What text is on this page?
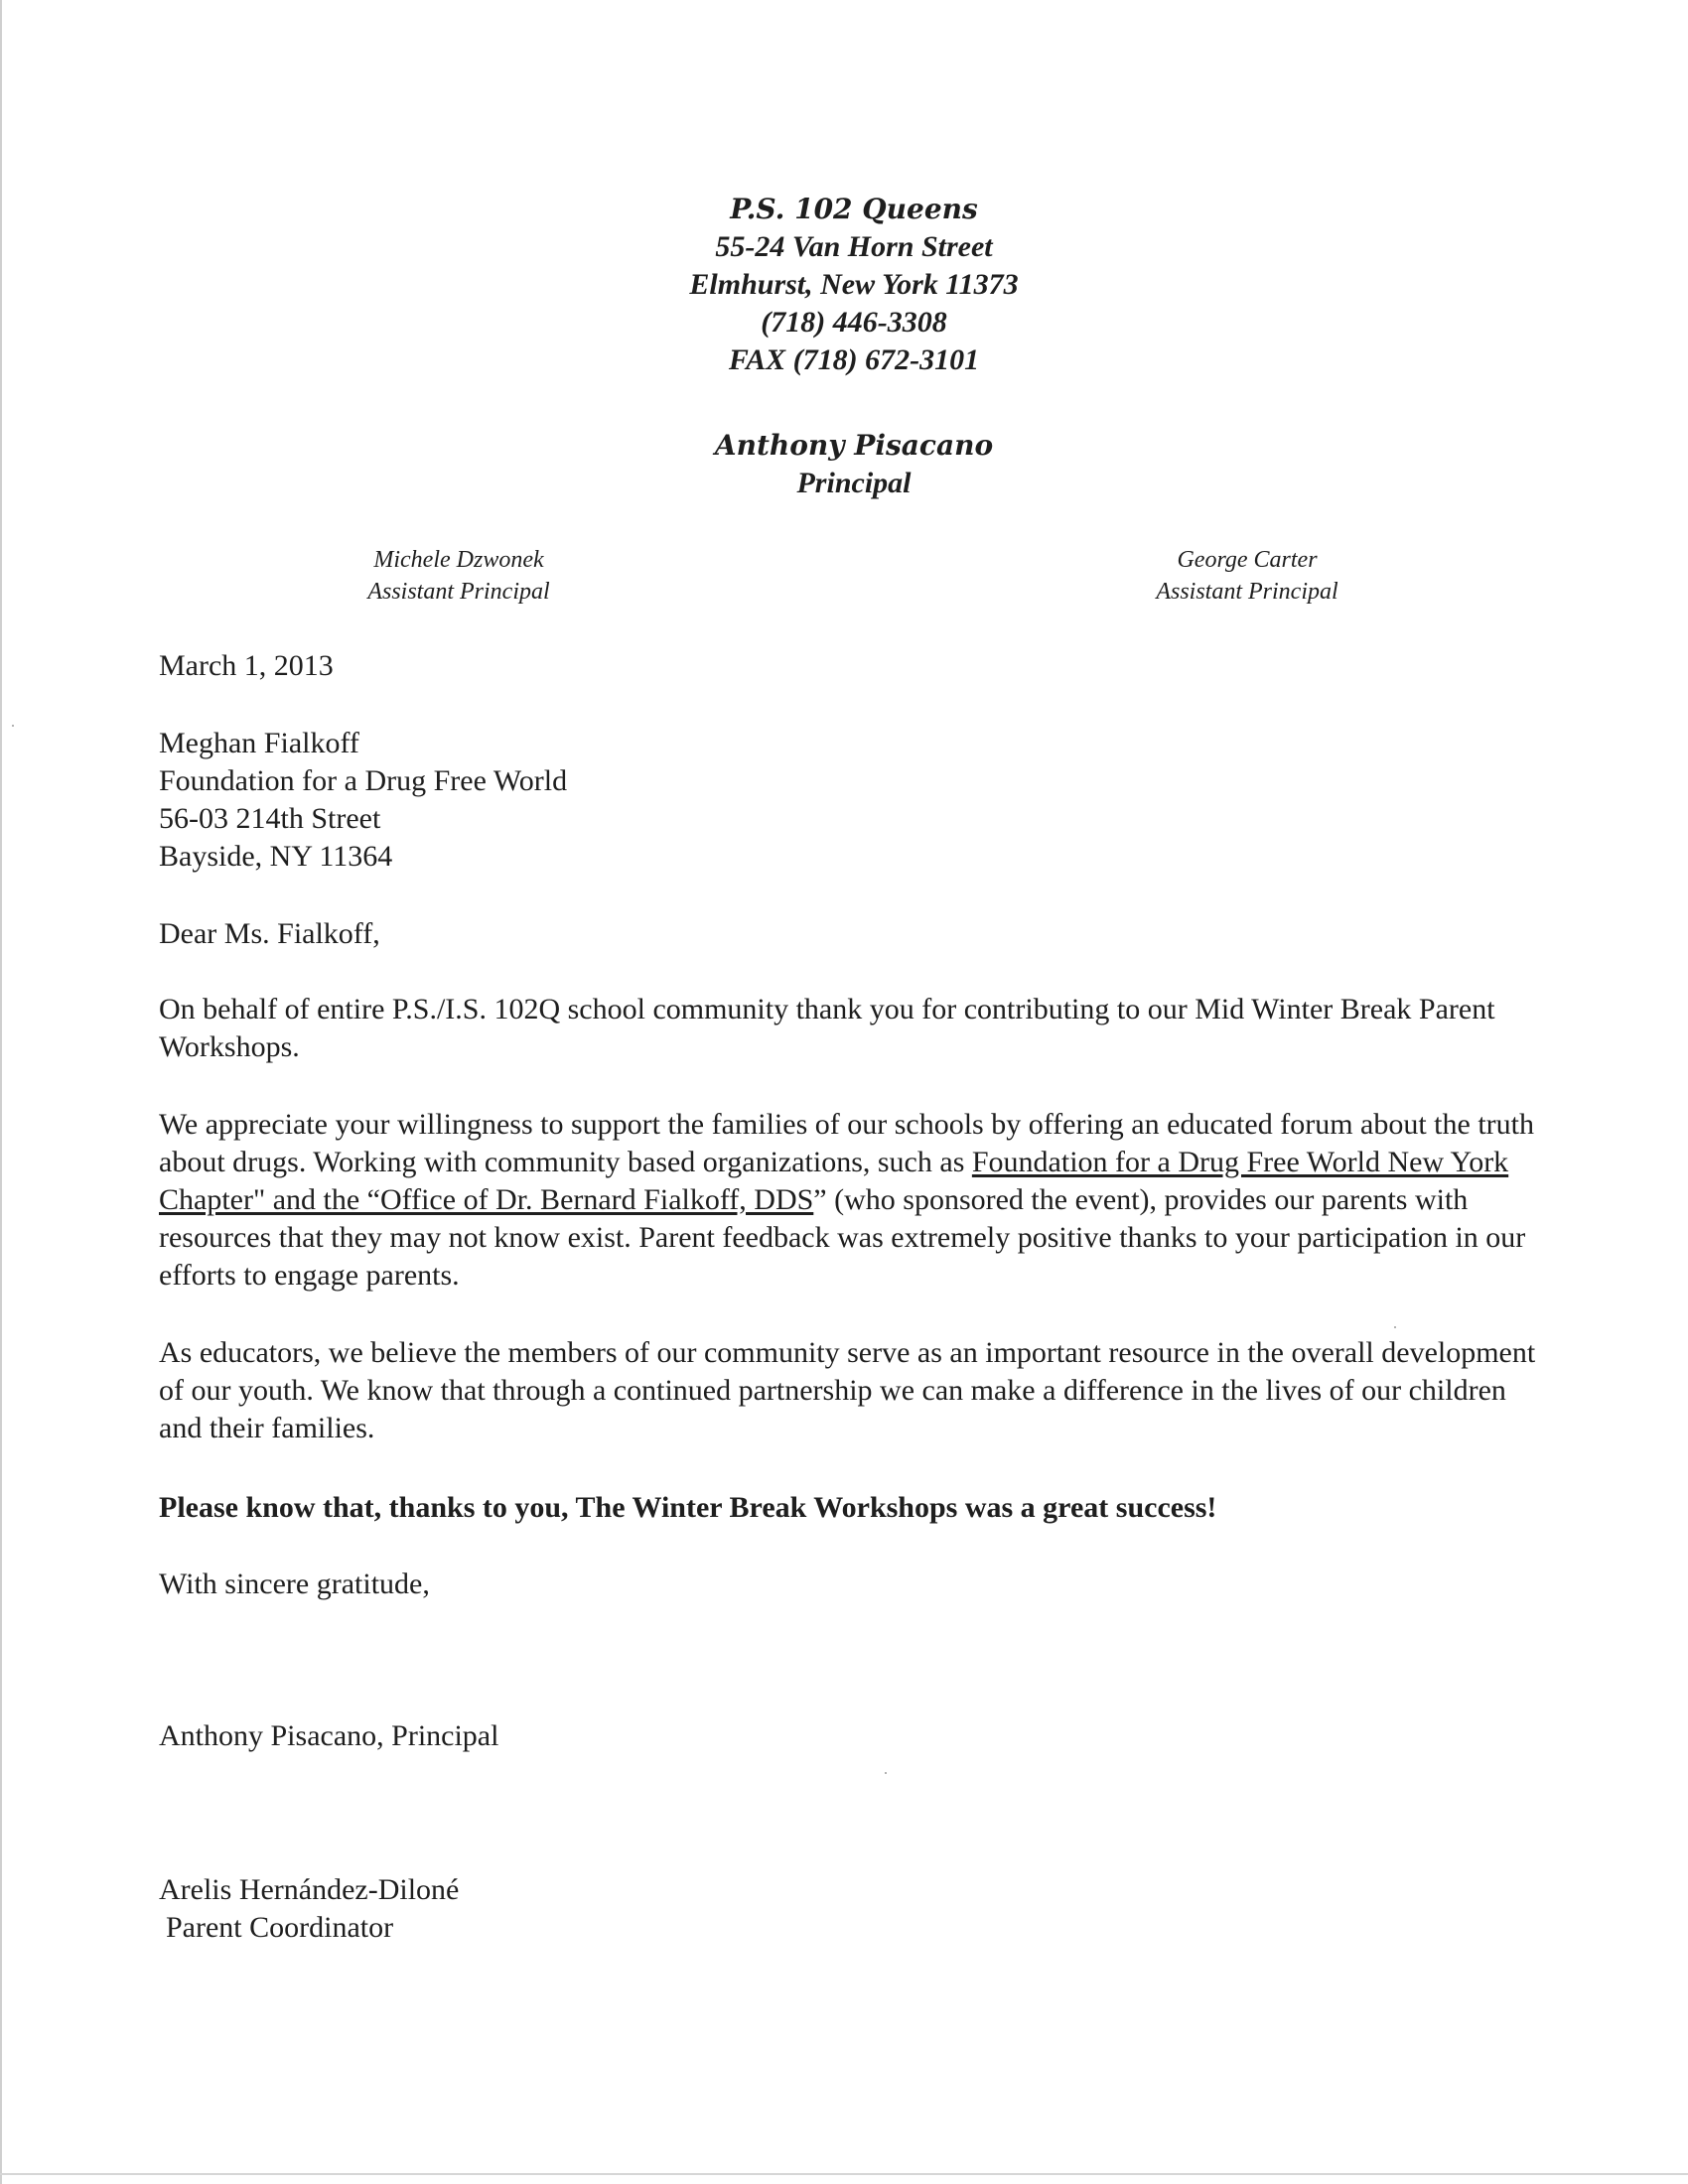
P.S. 102 Queens
55-24 Van Horn Street
Elmhurst, New York 11373
(718) 446-3308
FAX (718) 672-3101
Anthony Pisacano
Principal
Michele Dzwonek
Assistant Principal
George Carter
Assistant Principal
March 1, 2013
Meghan Fialkoff
Foundation for a Drug Free World
56-03 214th Street
Bayside, NY 11364
Dear Ms. Fialkoff,

On behalf of entire P.S./I.S. 102Q school community thank you for contributing to our Mid Winter Break Parent Workshops.

We appreciate your willingness to support the families of our schools by offering an educated forum about the truth about drugs. Working with community based organizations, such as Foundation for a Drug Free World New York Chapter" and the “Office of Dr. Bernard Fialkoff, DDS” (who sponsored the event), provides our parents with resources that they may not know exist. Parent feedback was extremely positive thanks to your participation in our efforts to engage parents.

As educators, we believe the members of our community serve as an important resource in the overall development of our youth. We know that through a continued partnership we can make a difference in the lives of our children and their families.

Please know that, thanks to you, The Winter Break Workshops was a great success!
With sincere gratitude,
Anthony Pisacano, Principal
Arelis Hernández-Diloné
Parent Coordinator
